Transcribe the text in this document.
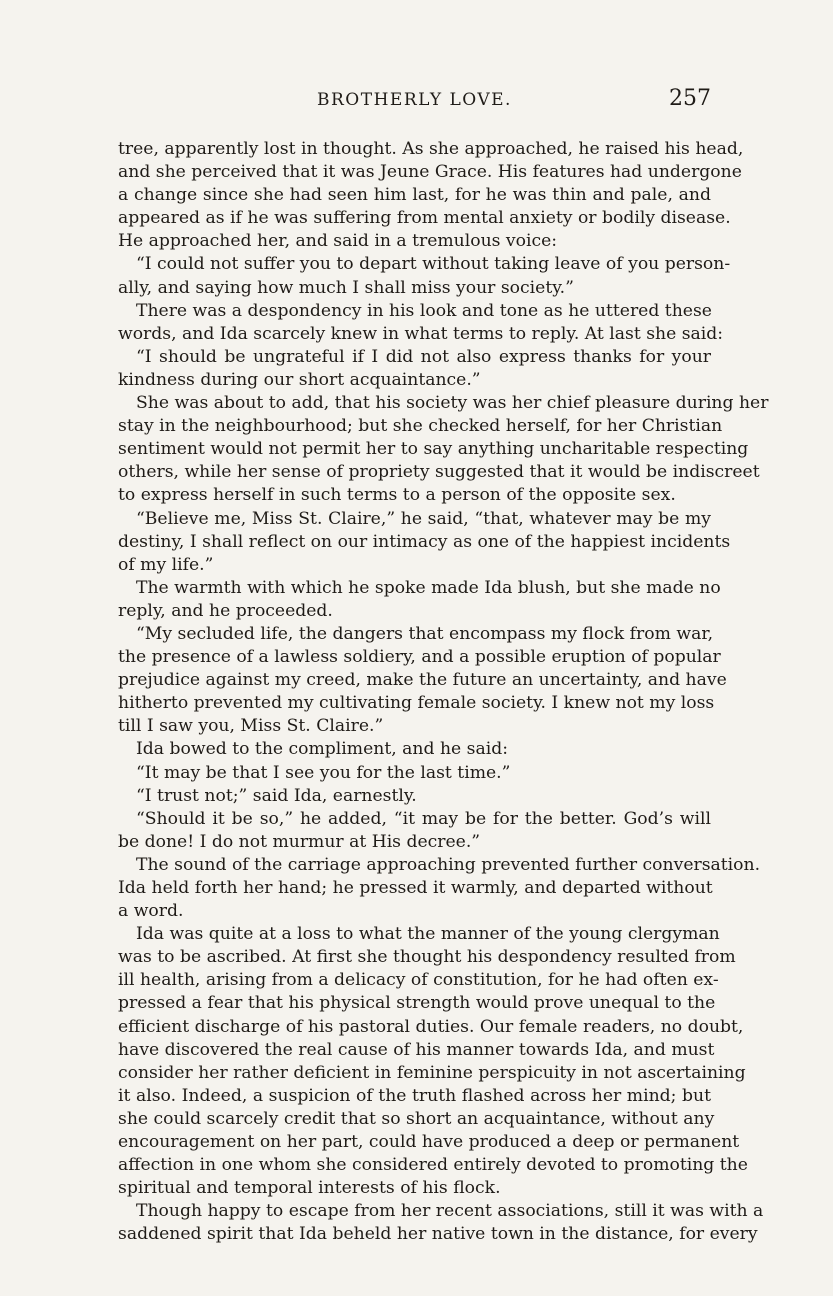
BROTHERLY LOVE.	257
tree, apparently lost in thought. As she approached, he raised his head,
and she perceived that it was Jeune Grace. His features had undergone
a change since she had seen him last, for he was thin and pale, and
appeared as if he was suffering from mental anxiety or bodily disease.
He approached her, and said in a tremulous voice:
“I could not suffer you to depart without taking leave of you person-
ally, and saying how much I shall miss your society.”
There was a despondency in his look and tone as he uttered these
words, and Ida scarcely knew in what terms to reply. At last she said:
“I should be ungrateful if I did not also express thanks for your
kindness during our short acquaintance.”
She was about to add, that his society was her chief pleasure during her
stay in the neighbourhood; but she checked herself, for her Christian
sentiment would not permit her to say anything uncharitable respecting
others, while her sense of propriety suggested that it would be indiscreet
to express herself in such terms to a person of the opposite sex.
“Believe me, Miss St. Claire,” he said, “that, whatever may be my
destiny, I shall reflect on our intimacy as one of the happiest incidents
of my life.”
The warmth with which he spoke made Ida blush, but she made no
reply, and he proceeded.
“My secluded life, the dangers that encompass my flock from war,
the presence of a lawless soldiery, and a possible eruption of popular
prejudice against my creed, make the future an uncertainty, and have
hitherto prevented my cultivating female society. I knew not my loss
till I saw you, Miss St. Claire.”
Ida bowed to the compliment, and he said:
“It may be that I see you for the last time.”
“I trust not;” said Ida, earnestly.
“Should it be so,” he added, “it may be for the better. God’s will
be done! I do not murmur at His decree.”
The sound of the carriage approaching prevented further conversation.
Ida held forth her hand; he pressed it warmly, and departed without
a word.
Ida was quite at a loss to what the manner of the young clergyman
was to be ascribed. At first she thought his despondency resulted from
ill health, arising from a delicacy of constitution, for he had often ex-
pressed a fear that his physical strength would prove unequal to the
efficient discharge of his pastoral duties. Our female readers, no doubt,
have discovered the real cause of his manner towards Ida, and must
consider her rather deficient in feminine perspicuity in not ascertaining
it also. Indeed, a suspicion of the truth flashed across her mind; but
she could scarcely credit that so short an acquaintance, without any
encouragement on her part, could have produced a deep or permanent
affection in one whom she considered entirely devoted to promoting the
spiritual and temporal interests of his flock.
Though happy to escape from her recent associations, still it was with a
saddened spirit that Ida beheld her native town in the distance, for every
